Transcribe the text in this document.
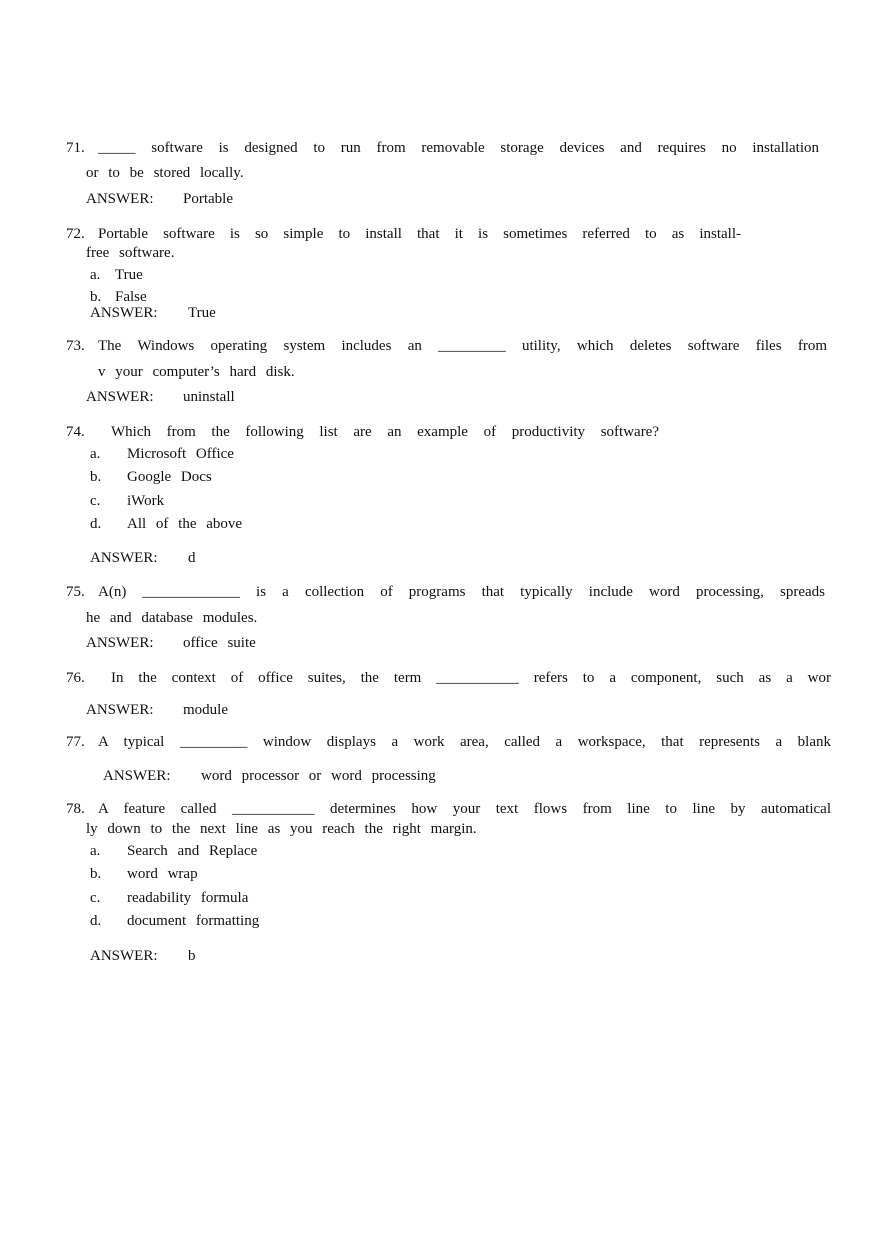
71. _____ software is designed to run from removable storage devices and requires no installation
or to be stored locally.
ANSWER: Portable
72. Portable software is so simple to install that it is sometimes referred to as install-
free software.
a. True
b. False
ANSWER: True
73. The Windows operating system includes an _________ utility, which deletes software files from
v your computer’s hard disk.
ANSWER: uninstall
74. Which from the following list are an example of productivity software?
a. Microsoft Office
b. Google Docs
c. iWork
d. All of the above
ANSWER: d
75. A(n) _____________ is a collection of programs that typically include word processing, spreads
he and database modules.
ANSWER: office suite
76. In the context of office suites, the term ___________ refers to a component, such as a wor
ANSWER: module
77. A typical _________ window displays a work area, called a workspace, that represents a blank
ANSWER: word processor or word processing
78. A feature called ___________ determines how your text flows from line to line by automatical
ly down to the next line as you reach the right margin.
a. Search and Replace
b. word wrap
c. readability formula
d. document formatting
ANSWER: b
